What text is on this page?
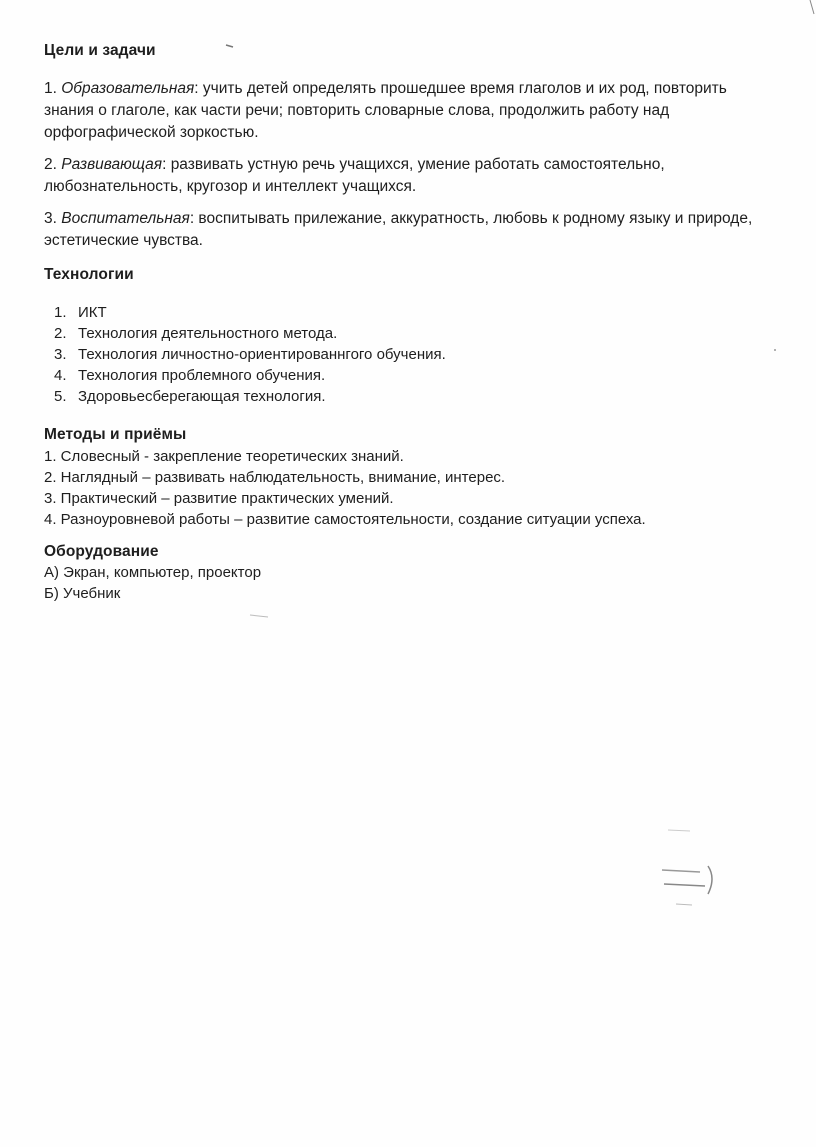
Цели и задачи

1. Образовательная: учить детей определять прошедшее время глаголов и их род, повторить знания о глаголе, как части речи; повторить словарные слова, продолжить работу над орфографической зоркостью.

2. Развивающая: развивать устную речь учащихся, умение работать самостоятельно, любознательность, кругозор и интеллект учащихся.

3. Воспитательная: воспитывать прилежание, аккуратность, любовь к родному языку и природе, эстетические чувства.

Технологии

1. ИКТ
2. Технология деятельностного метода.
3. Технология личностно-ориентированнгого обучения.
4. Технология проблемного обучения.
5. Здоровьесберегающая технология.

Методы и приёмы

1. Словесный - закрепление теоретических знаний.

2. Наглядный – развивать наблюдательность, внимание, интерес.

3. Практический – развитие практических умений.

4. Разноуровневой работы – развитие самостоятельности, создание ситуации успеха.

Оборудование

А) Экран, компьютер, проектор

Б) Учебник
